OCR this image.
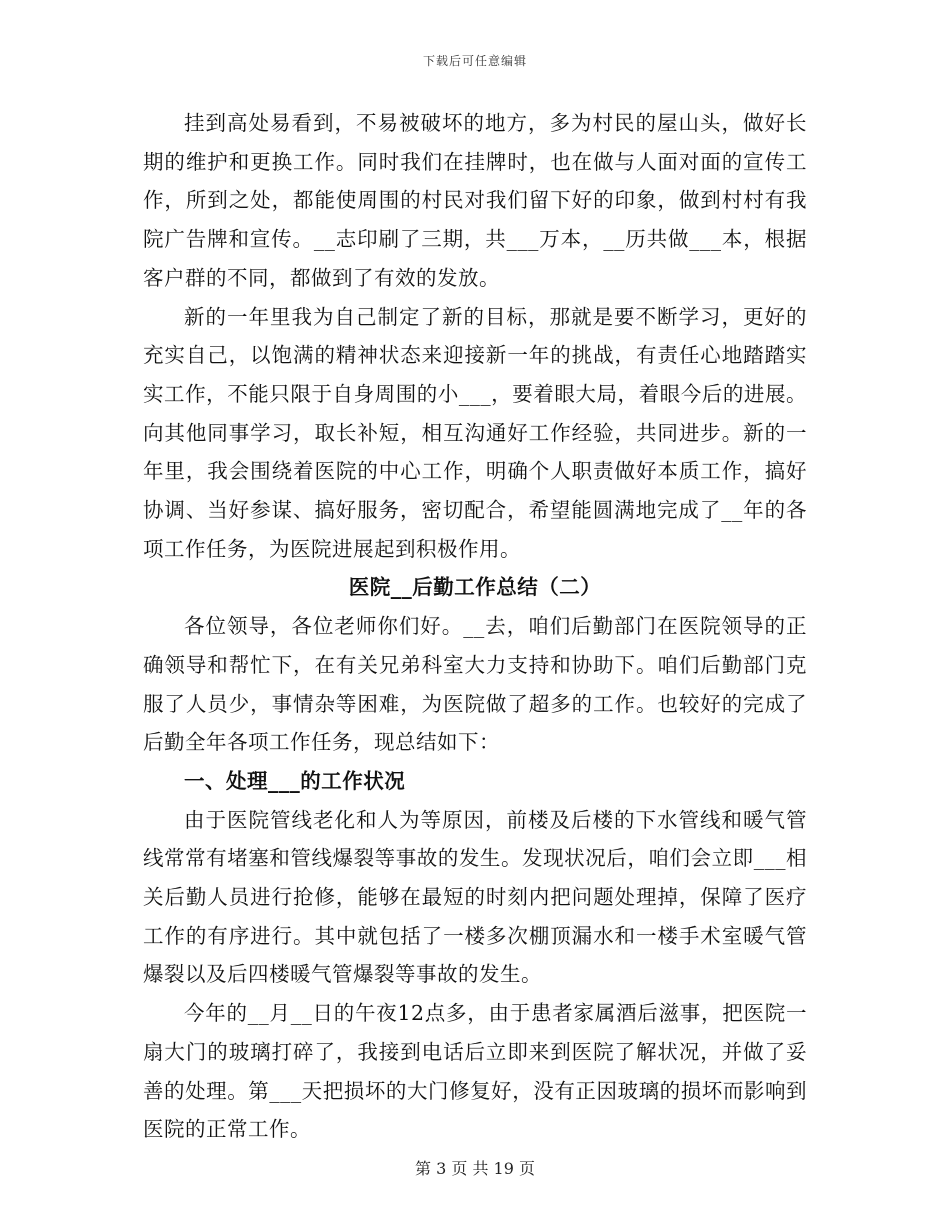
下载后可任意编辑

挂到高处易看到，不易被破坏的地方，多为村民的屋山头，做好长期的维护和更换工作。同时我们在挂牌时，也在做与人面对面的宣传工作，所到之处，都能使周围的村民对我们留下好的印象，做到村村有我院广告牌和宣传。__志印刷了三期，共___万本，__历共做___本，根据客户群的不同，都做到了有效的发放。

新的一年里我为自己制定了新的目标，那就是要不断学习，更好的充实自己，以饱满的精神状态来迎接新一年的挑战，有责任心地踏踏实实工作，不能只限于自身周围的小___，要着眼大局，着眼今后的进展。向其他同事学习，取长补短，相互沟通好工作经验，共同进步。新的一年里，我会围绕着医院的中心工作，明确个人职责做好本质工作，搞好协调、当好参谋、搞好服务，密切配合，希望能圆满地完成了__年的各项工作任务，为医院进展起到积极作用。

医院__后勤工作总结（二）

各位领导，各位老师你们好。__去，咱们后勤部门在医院领导的正确领导和帮忙下，在有关兄弟科室大力支持和协助下。咱们后勤部门克服了人员少，事情杂等困难，为医院做了超多的工作。也较好的完成了后勤全年各项工作任务，现总结如下：

一、处理___的工作状况

由于医院管线老化和人为等原因，前楼及后楼的下水管线和暖气管线常常有堵塞和管线爆裂等事故的发生。发现状况后，咱们会立即___相关后勤人员进行抢修，能够在最短的时刻内把问题处理掉，保障了医疗工作的有序进行。其中就包括了一楼多次棚顶漏水和一楼手术室暖气管爆裂以及后四楼暖气管爆裂等事故的发生。

今年的__月__日的午夜12点多，由于患者家属酒后滋事，把医院一扇大门的玻璃打碎了，我接到电话后立即来到医院了解状况，并做了妥善的处理。第___天把损坏的大门修复好，没有正因玻璃的损坏而影响到医院的正常工作。

第 3 页 共 19 页
